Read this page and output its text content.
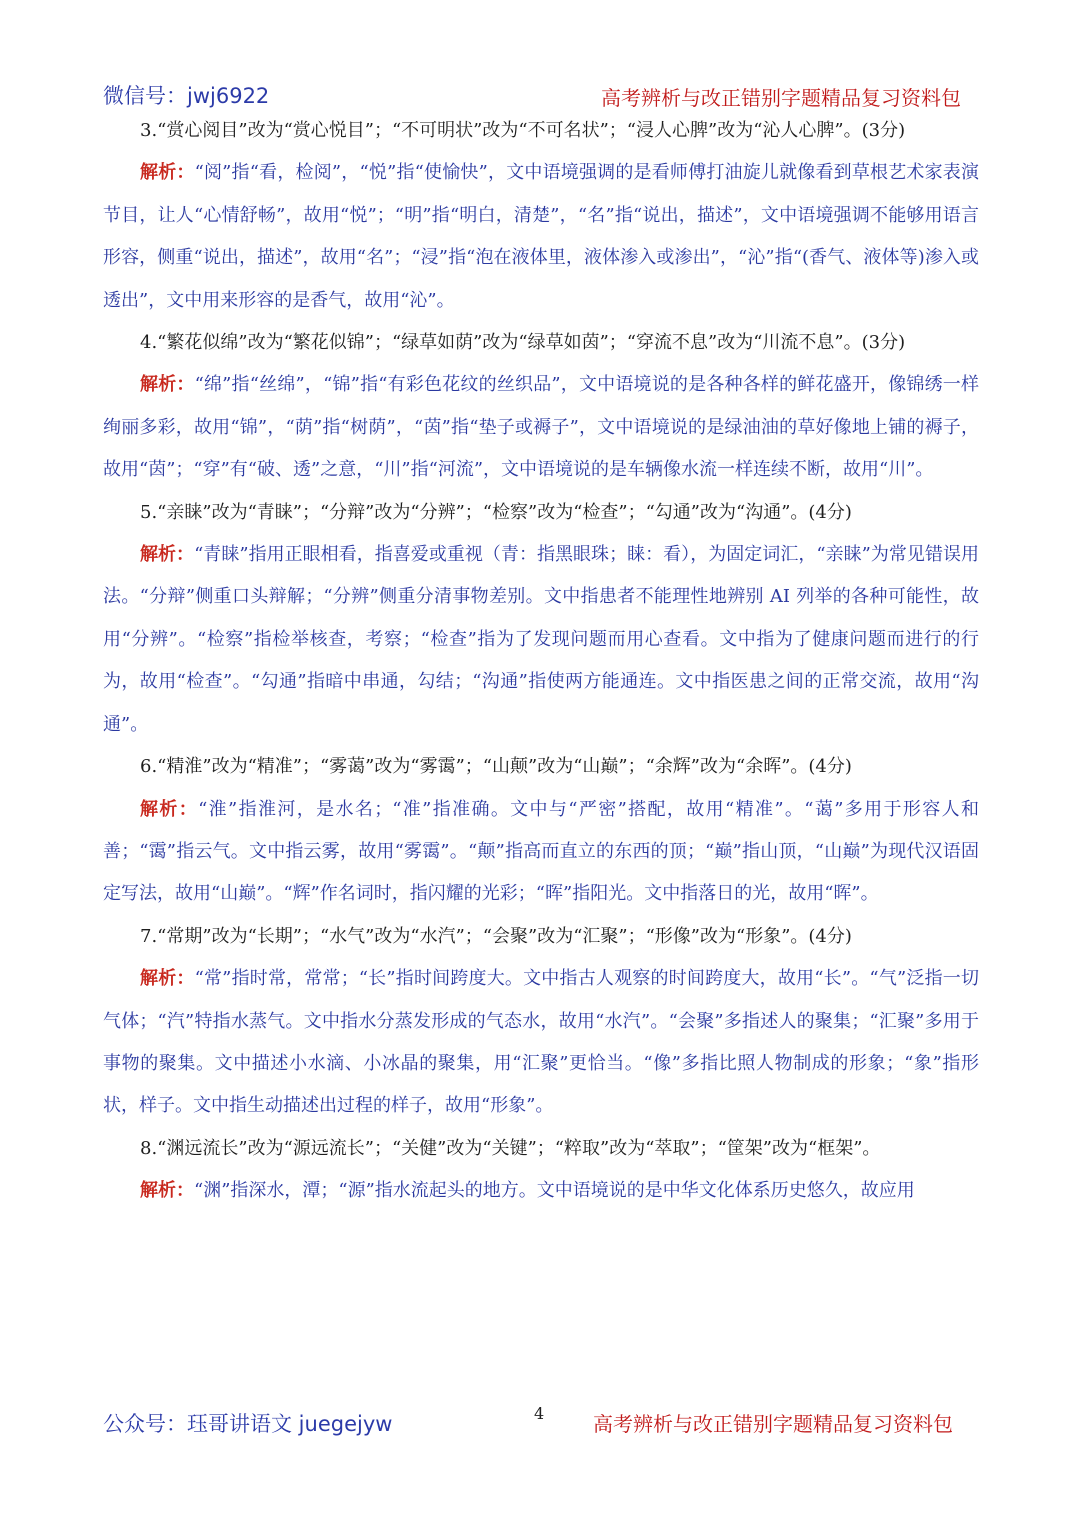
微信号：jwj6922	高考辨析与改正错别字题精品复习资料包

3.“赏心阅目”改为“赏心悦目”；“不可明状”改为“不可名状”；“浸人心脾”改为“沁人心脾”。(3分)

解析：“阅”指“看，检阅”，“悦”指“使愉快”，文中语境强调的是看师傅打油旋儿就像看到草根艺术家表演节目，让人“心情舒畅”，故用“悦”；“明”指“明白，清楚”，“名”指“说出，描述”，文中语境强调不能够用语言形容，侧重“说出，描述”，故用“名”；“浸”指“泡在液体里，液体渗入或渗出”，“沁”指“(香气、液体等)渗入或透出”，文中用来形容的是香气，故用“沁”。

4.“繁花似绵”改为“繁花似锦”；“绿草如荫”改为“绿草如茵”；“穿流不息”改为“川流不息”。(3分)

解析：“绵”指“丝绵”，“锦”指“有彩色花纹的丝织品”，文中语境说的是各种各样的鲜花盛开，像锦绣一样绚丽多彩，故用“锦”，“荫”指“树荫”，“茵”指“垫子或褥子”，文中语境说的是绿油油的草好像地上铺的褥子，故用“茵”；“穿”有“破、透”之意，“川”指“河流”，文中语境说的是车辆像水流一样连续不断，故用“川”。

5.“亲睐”改为“青睐”；“分辩”改为“分辨”；“检察”改为“检查”；“勾通”改为“沟通”。(4分)

解析：“青睐”指用正眼相看，指喜爱或重视（青：指黑眼珠；睐：看），为固定词汇，“亲睐”为常见错误用法。“分辩”侧重口头辩解；“分辨”侧重分清事物差别。文中指患者不能理性地辨别 AI 列举的各种可能性，故用“分辨”。“检察”指检举核查，考察；“检查”指为了发现问题而用心查看。文中指为了健康问题而进行的行为，故用“检查”。“勾通”指暗中串通，勾结；“沟通”指使两方能通连。文中指医患之间的正常交流，故用“沟通”。

6.“精淮”改为“精准”；“雾蔼”改为“雾霭”；“山颠”改为“山巅”；“余辉”改为“余晖”。(4分)

解析：“淮”指淮河，是水名；“准”指准确。文中与“严密”搭配，故用“精准”。“蔼”多用于形容人和善；“霭”指云气。文中指云雾，故用“雾霭”。“颠”指高而直立的东西的顶；“巅”指山顶，“山巅”为现代汉语固定写法，故用“山巅”。“辉”作名词时，指闪耀的光彩；“晖”指阳光。文中指落日的光，故用“晖”。

7.“常期”改为“长期”；“水气”改为“水汽”；“会聚”改为“汇聚”；“形像”改为“形象”。(4分)

解析：“常”指时常，常常；“长”指时间跨度大。文中指古人观察的时间跨度大，故用“长”。“气”泛指一切气体；“汽”特指水蒸气。文中指水分蒸发形成的气态水，故用“水汽”。“会聚”多指述人的聚集；“汇聚”多用于事物的聚集。文中描述小水滴、小冰晶的聚集，用“汇聚”更恰当。“像”多指比照人物制成的形象；“象”指形状，样子。文中指生动描述出过程的样子，故用“形象”。

8.“渊远流长”改为“源远流长”；“关健”改为“关键”；“粹取”改为“萃取”；“筐架”改为“框架”。

解析：“渊”指深水，潭；“源”指水流起头的地方。文中语境说的是中华文化体系历史悠久，故应用

公众号：珏哥讲语文 juegejyw	4 高考辨析与改正错别字题精品复习资料包
